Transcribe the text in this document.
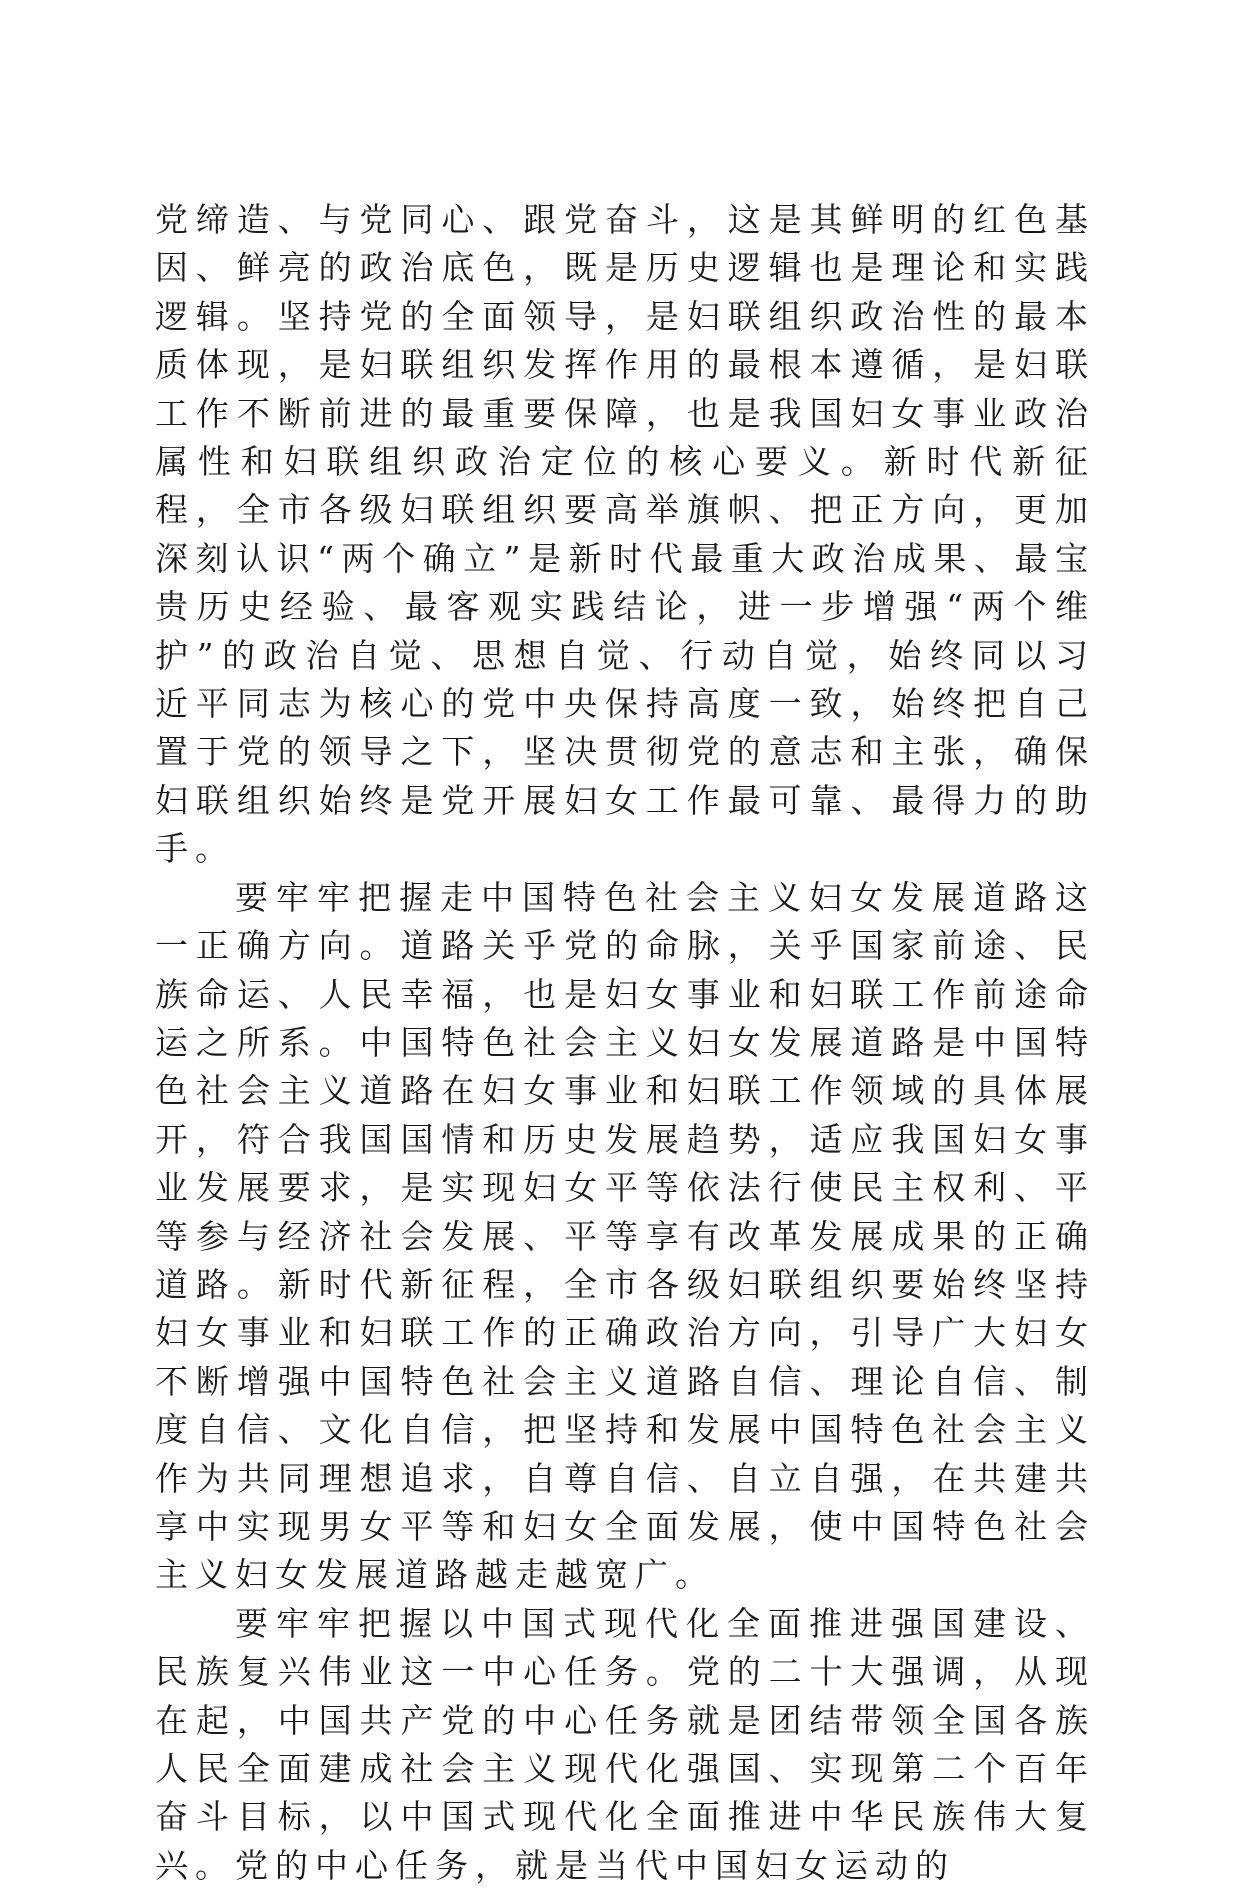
党缔造、与党同心、跟党奋斗，这是其鲜明的红色基因、鲜亮的政治底色，既是历史逻辑也是理论和实践逻辑。坚持党的全面领导，是妇联组织政治性的最本质体现，是妇联组织发挥作用的最根本遵循，是妇联工作不断前进的最重要保障，也是我国妇女事业政治属性和妇联组织政治定位的核心要义。新时代新征程，全市各级妇联组织要高举旗帜、把正方向，更加深刻认识“两个确立”是新时代最重大政治成果、最宝贵历史经验、最客观实践结论，进一步增强“两个维护”的政治自觉、思想自觉、行动自觉，始终同以习近平同志为核心的党中央保持高度一致，始终把自己置于党的领导之下，坚决贯彻党的意志和主张，确保妇联组织始终是党开展妇女工作最可靠、最得力的助手。

要牢牢把握走中国特色社会主义妇女发展道路这一正确方向。道路关乎党的命脉，关乎国家前途、民族命运、人民幸福，也是妇女事业和妇联工作前途命运之所系。中国特色社会主义妇女发展道路是中国特色社会主义道路在妇女事业和妇联工作领域的具体展开，符合我国国情和历史发展趋势，适应我国妇女事业发展要求，是实现妇女平等依法行使民主权利、平等参与经济社会发展、平等享有改革发展成果的正确道路。新时代新征程，全市各级妇联组织要始终坚持妇女事业和妇联工作的正确政治方向，引导广大妇女不断增强中国特色社会主义道路自信、理论自信、制度自信、文化自信，把坚持和发展中国特色社会主义作为共同理想追求，自尊自信、自立自强，在共建共享中实现男女平等和妇女全面发展，使中国特色社会主义妇女发展道路越走越宽广。

要牢牢把握以中国式现代化全面推进强国建设、民族复兴伟业这一中心任务。党的二十大强调，从现在起，中国共产党的中心任务就是团结带领全国各族人民全面建成社会主义现代化强国、实现第二个百年奋斗目标，以中国式现代化全面推进中华民族伟大复兴。党的中心任务，就是当代中国妇女运动的
